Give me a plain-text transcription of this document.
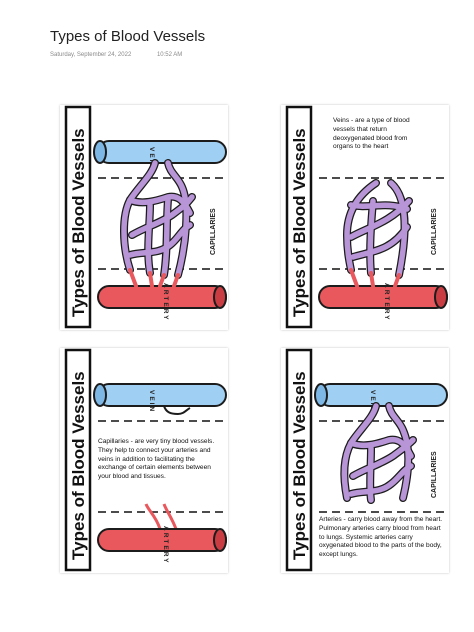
Types of Blood Vessels
Saturday, September 24, 2022	10:52 AM
Types of Blood Vessels	VEIN
ARTERY
CAPILLARIES	Types of Blood Vessels	ARTERY
CAPILLARIES
Veins - are a type of blood vessels that return deoxygenated blood from organs to the heart
Types of Blood Vessels	VEIN
ARTERY
Capillaries - are very tiny blood vessels. They help to connect your arteries and veins in addition to facilitating the exchange of certain elements between your blood and tissues.	Types of Blood Vessels	VEIN
CAPILLARIES
Arteries - carry blood away from the heart. Pulmonary arteries carry blood from heart to lungs. Systemic arteries carry oxygenated blood to the parts of the body, except lungs.
